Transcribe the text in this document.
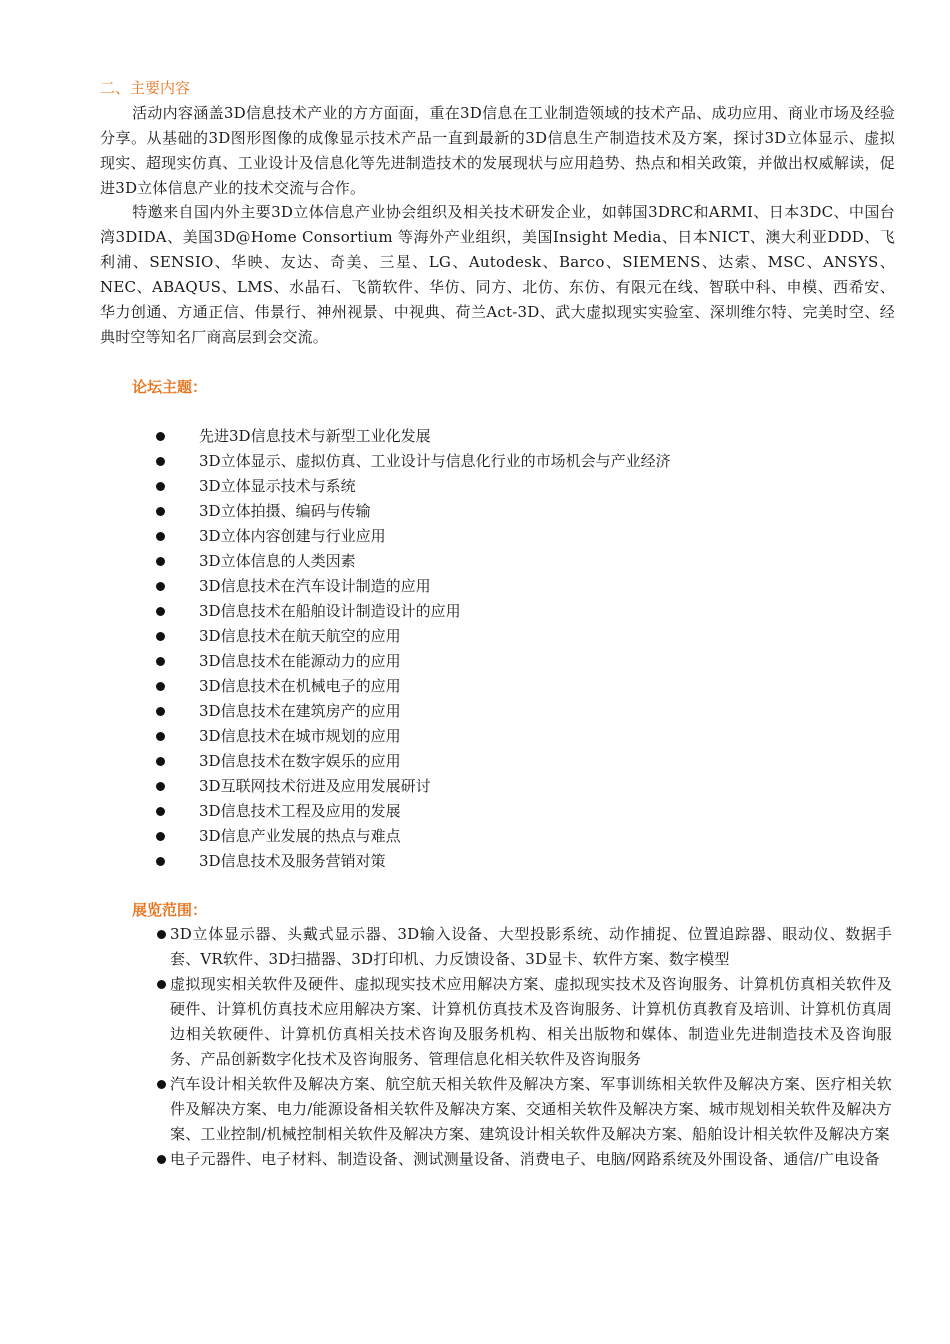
二、主要内容

活动内容涵盖3D信息技术产业的方方面面，重在3D信息在工业制造领域的技术产品、成功应用、商业市场及经验分享。从基础的3D图形图像的成像显示技术产品一直到最新的3D信息生产制造技术及方案，探讨3D立体显示、虚拟现实、超现实仿真、工业设计及信息化等先进制造技术的发展现状与应用趋势、热点和相关政策，并做出权威解读，促进3D立体信息产业的技术交流与合作。

特邀来自国内外主要3D立体信息产业协会组织及相关技术研发企业，如韩国3DRC和ARMI、日本3DC、中国台湾3DIDA、美国3D@Home Consortium 等海外产业组织，美国Insight Media、日本NICT、澳大利亚DDD、飞利浦、SENSIO、华映、友达、奇美、三星、LG、Autodesk、Barco、SIEMENS、达索、MSC、ANSYS、NEC、ABAQUS、LMS、水晶石、飞箭软件、华仿、同方、北仿、东仿、有限元在线、智联中科、申模、西希安、华力创通、方通正信、伟景行、神州视景、中视典、荷兰Act-3D、武大虚拟现实实验室、深圳维尔特、完美时空、经典时空等知名厂商高层到会交流。

论坛主题：
先进3D信息技术与新型工业化发展
3D立体显示、虚拟仿真、工业设计与信息化行业的市场机会与产业经济
3D立体显示技术与系统
3D立体拍摄、编码与传输
3D立体内容创建与行业应用
3D立体信息的人类因素
3D信息技术在汽车设计制造的应用
3D信息技术在船舶设计制造设计的应用
3D信息技术在航天航空的应用
3D信息技术在能源动力的应用
3D信息技术在机械电子的应用
3D信息技术在建筑房产的应用
3D信息技术在城市规划的应用
3D信息技术在数字娱乐的应用
3D互联网技术衍进及应用发展研讨
3D信息技术工程及应用的发展
3D信息产业发展的热点与难点
3D信息技术及服务营销对策
展览范围：

3D立体显示器、头戴式显示器、3D输入设备、大型投影系统、动作捕捉、位置追踪器、眼动仪、数据手套、VR软件、3D扫描器、3D打印机、力反馈设备、3D显卡、软件方案、数字模型

虚拟现实相关软件及硬件、虚拟现实技术应用解决方案、虚拟现实技术及咨询服务、计算机仿真相关软件及硬件、计算机仿真技术应用解决方案、计算机仿真技术及咨询服务、计算机仿真教育及培训、计算机仿真周边相关软硬件、计算机仿真相关技术咨询及服务机构、相关出版物和媒体、制造业先进制造技术及咨询服务、产品创新数字化技术及咨询服务、管理信息化相关软件及咨询服务

汽车设计相关软件及解决方案、航空航天相关软件及解决方案、军事训练相关软件及解决方案、医疗相关软件及解决方案、电力/能源设备相关软件及解决方案、交通相关软件及解决方案、城市规划相关软件及解决方案、工业控制/机械控制相关软件及解决方案、建筑设计相关软件及解决方案、船舶设计相关软件及解决方案

电子元器件、电子材料、制造设备、测试测量设备、消费电子、电脑/网路系统及外围设备、通信/广电设备
